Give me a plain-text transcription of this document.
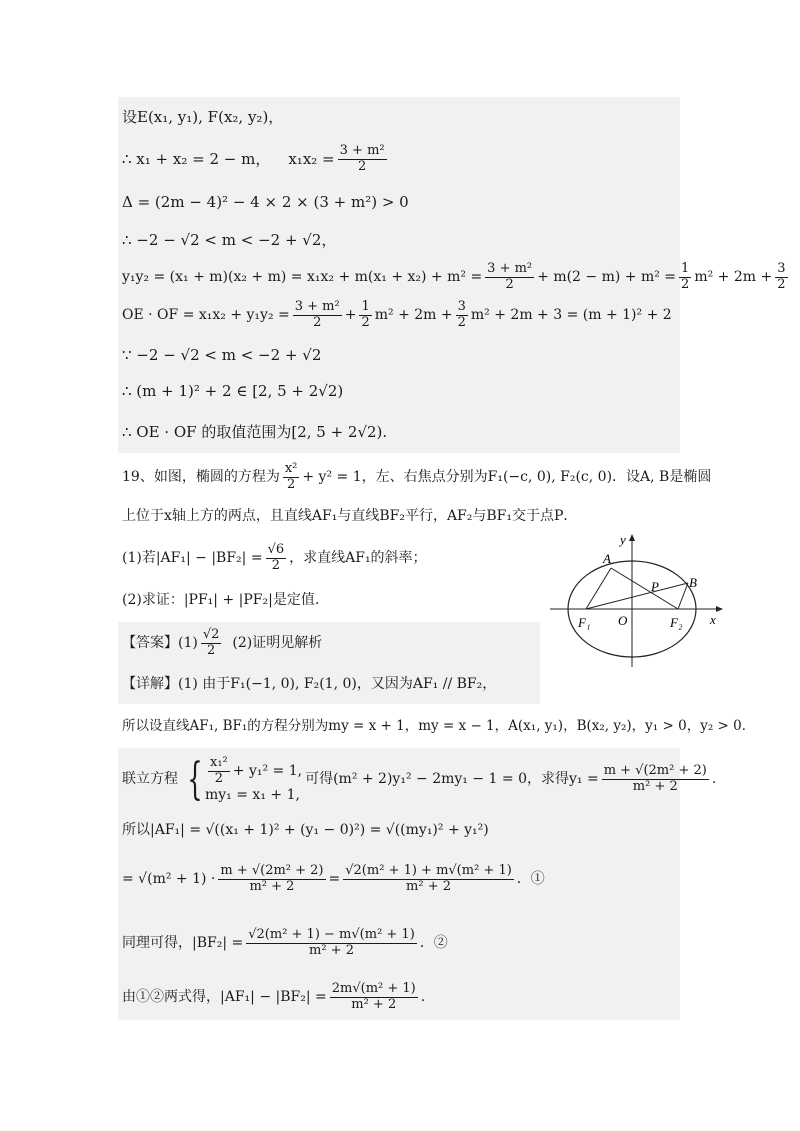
设E(x₁, y₁), F(x₂, y₂)，
∴ x₁ + x₂ = 2 − m， $x_1x_2 = \frac{\text{3 + m²}}{2}$
Δ = (2m − 4)² − 4 × 2 × (3 + m²) > 0
∴ −2 − √2 < m < −2 + √2，
$y_1y_2 = (x_1 + m)(x_2 + m) = x_1x_2 + m(x_1 + x_2) + m^2 = \frac{\text{3 + m²}}{2} + m(2 - m) + m^2 = \frac{1}{2} m^2 + 2m + \frac{3}{2}$
OE · OF = $x_1x_2 + y_1y_2 = \frac{\text{3 + m²}}{2} + \frac{1}{2} m^2 + 2m + \frac{3}{2} m^2 + 2m + 3 = (m + 1)^2 + 2$
∵ −2 − √2 < m < −2 + √2
∴ (m + 1)² + 2 ∈ [2, 5 + 2√2)
∴ OE · OF 的取值范围为[2, 5 + 2√2).
19、如图，椭圆的方程为 $\frac{\text{x²}}{2} + y^2 = 1$，左、右焦点分别为F₁(−c, 0), F₂(c, 0)．设A, B是椭圆
上位于x轴上方的两点，且直线AF₁与直线BF₂平行，AF₂与BF₁交于点P．
(1)若$|AF_1| - |BF_2| = \frac{√6}{2}$ ，求直线AF₁的斜率；
(2)求证：|PF₁| + |PF₂|是定值.
A
B
P
O
F₁	F₂ x
y
【答案】$(1) \frac{√2}{2} (2)$证明见解析
【详解】(1) 由于F₁(−1, 0), F₂(1, 0)，又因为AF₁ // BF₂，
所以设直线AF₁, BF₁的方程分别为my = x + 1，my = x − 1，A(x₁, y₁)，B(x₂, y₂)，y₁ > 0，y₂ > 0．
联立方程 { $\frac{\text{x₁²}}{2} + y_1^2 = 1$,
my₁ = x₁ + 1,
可得(m² + 2)y₁² − 2my₁ − 1 = 0，求得$y_1 = \frac{\text{m + √(2m² + 2)}}{\text{m² + 2}}$ .
所以|AF₁| = √((x₁ + 1)² + (y₁ − 0)²) = √((my₁)² + y₁²)
= $√(m^2 + 1) \cdot \frac{\text{m + √(2m² + 2)}}{\text{m² + 2}} = \frac{\text{√2(m² + 1) + m√(m² + 1)}}{\text{m² + 2}}$ ．①
同理可得，$|BF_2| = \frac{\text{√2(m² + 1) − m√(m² + 1)}}{\text{m² + 2}}$ ．②
由①②两式得，$|AF_1| - |BF_2| = \frac{\text{2m√(m² + 1)}}{\text{m² + 2}}$ .
